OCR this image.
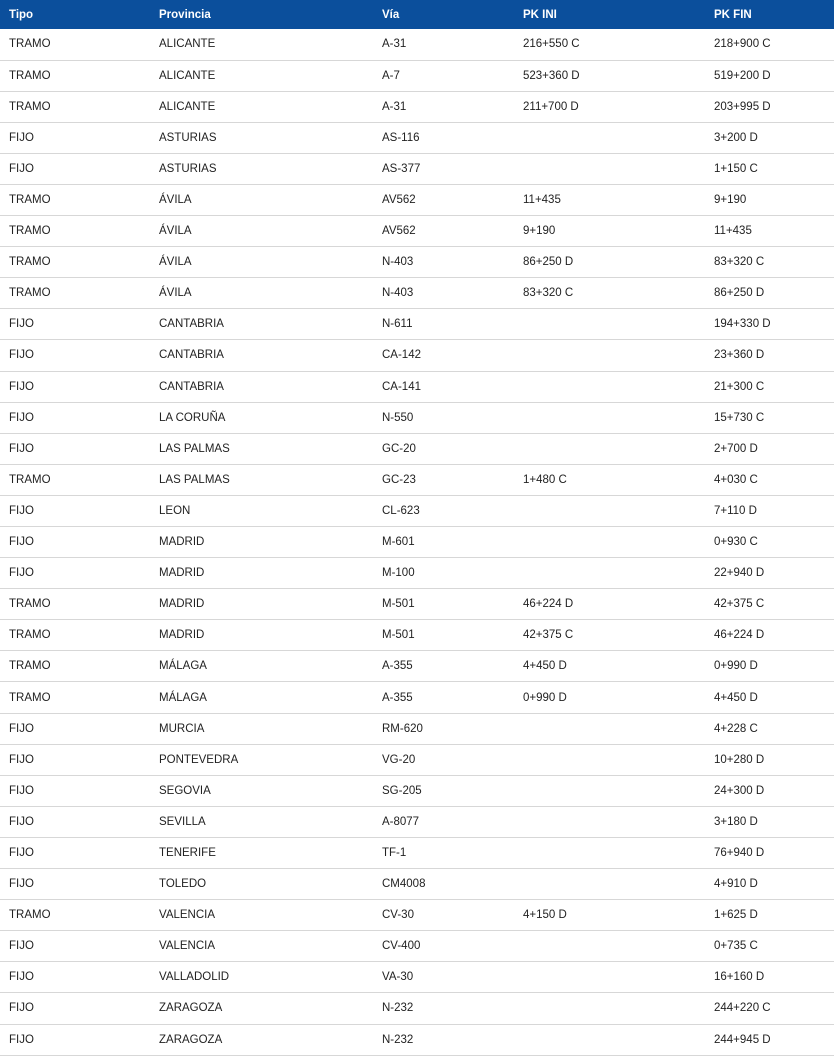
Tipo	Provincia	Vía	PK INI	PK FIN
TRAMO	ALICANTE	A-31	216+550 C	218+900 C
TRAMO	ALICANTE	A-7	523+360 D	519+200 D
TRAMO	ALICANTE	A-31	211+700 D	203+995 D
FIJO	ASTURIAS	AS-116		3+200 D
FIJO	ASTURIAS	AS-377		1+150 C
TRAMO	ÁVILA	AV562	11+435	9+190
TRAMO	ÁVILA	AV562	9+190	11+435
TRAMO	ÁVILA	N-403	86+250 D	83+320 C
TRAMO	ÁVILA	N-403	83+320 C	86+250 D
FIJO	CANTABRIA	N-611		194+330 D
FIJO	CANTABRIA	CA-142		23+360 D
FIJO	CANTABRIA	CA-141		21+300 C
FIJO	LA CORUÑA	N-550		15+730 C
FIJO	LAS PALMAS	GC-20		2+700 D
TRAMO	LAS PALMAS	GC-23	1+480 C	4+030 C
FIJO	LEON	CL-623		7+110 D
FIJO	MADRID	M-601		0+930 C
FIJO	MADRID	M-100		22+940 D
TRAMO	MADRID	M-501	46+224 D	42+375 C
TRAMO	MADRID	M-501	42+375 C	46+224 D
TRAMO	MÁLAGA	A-355	4+450 D	0+990 D
TRAMO	MÁLAGA	A-355	0+990 D	4+450 D
FIJO	MURCIA	RM-620		4+228 C
FIJO	PONTEVEDRA	VG-20		10+280 D
FIJO	SEGOVIA	SG-205		24+300 D
FIJO	SEVILLA	A-8077		3+180 D
FIJO	TENERIFE	TF-1		76+940 D
FIJO	TOLEDO	CM4008		4+910 D
TRAMO	VALENCIA	CV-30	4+150 D	1+625 D
FIJO	VALENCIA	CV-400		0+735 C
FIJO	VALLADOLID	VA-30		16+160 D
FIJO	ZARAGOZA	N-232		244+220 C
FIJO	ZARAGOZA	N-232		244+945 D
